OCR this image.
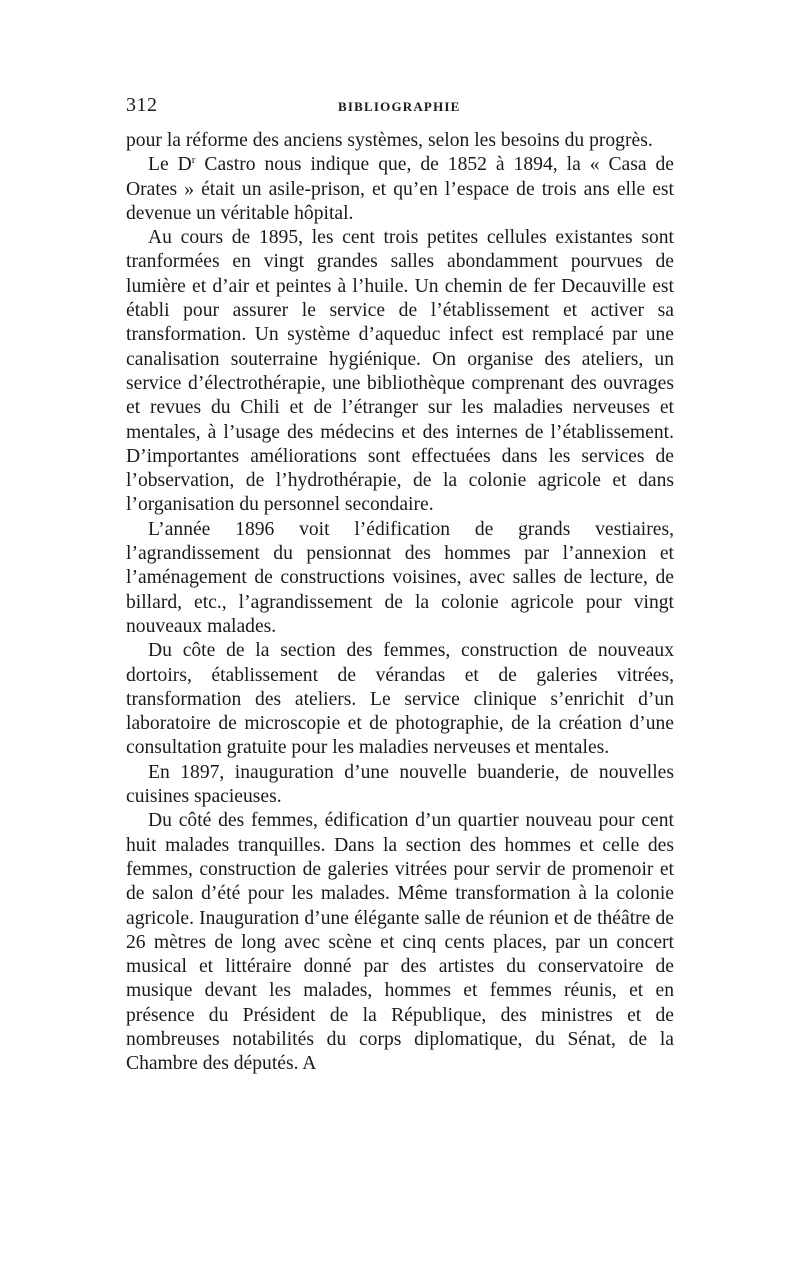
312	BIBLIOGRAPHIE

pour la réforme des anciens systèmes, selon les besoins du progrès.

Le $D^r$ Castro nous indique que, de 1852 à 1894, la « Casa de Orates » était un asile-prison, et qu’en l’espace de trois ans elle est devenue un véritable hôpital.

Au cours de 1895, les cent trois petites cellules existantes sont tranformées en vingt grandes salles abondamment pourvues de lumière et d’air et peintes à l’huile. Un chemin de fer Decauville est établi pour assurer le service de l’établissement et activer sa transformation. Un système d’aqueduc infect est remplacé par une canalisation souterraine hygiénique. On organise des ateliers, un service d’électrothérapie, une bibliothèque comprenant des ouvrages et revues du Chili et de l’étranger sur les maladies nerveuses et mentales, à l’usage des médecins et des internes de l’établissement. D’importantes améliorations sont effectuées dans les services de l’observation, de l’hydrothérapie, de la colonie agricole et dans l’organisation du personnel secondaire.

L’année 1896 voit l’édification de grands vestiaires, l’agrandissement du pensionnat des hommes par l’annexion et l’aménagement de constructions voisines, avec salles de lecture, de billard, etc., l’agrandissement de la colonie agricole pour vingt nouveaux malades.

Du côte de la section des femmes, construction de nouveaux dortoirs, établissement de vérandas et de galeries vitrées, transformation des ateliers. Le service clinique s’enrichit d’un laboratoire de microscopie et de photographie, de la création d’une consultation gratuite pour les maladies nerveuses et mentales.

En 1897, inauguration d’une nouvelle buanderie, de nouvelles cuisines spacieuses.

Du côté des femmes, édification d’un quartier nouveau pour cent huit malades tranquilles. Dans la section des hommes et celle des femmes, construction de galeries vitrées pour servir de promenoir et de salon d’été pour les malades. Même transformation à la colonie agricole. Inauguration d’une élégante salle de réunion et de théâtre de 26 mètres de long avec scène et cinq cents places, par un concert musical et littéraire donné par des artistes du conservatoire de musique devant les malades, hommes et femmes réunis, et en présence du Président de la République, des ministres et de nombreuses notabilités du corps diplomatique, du Sénat, de la Chambre des députés. A
